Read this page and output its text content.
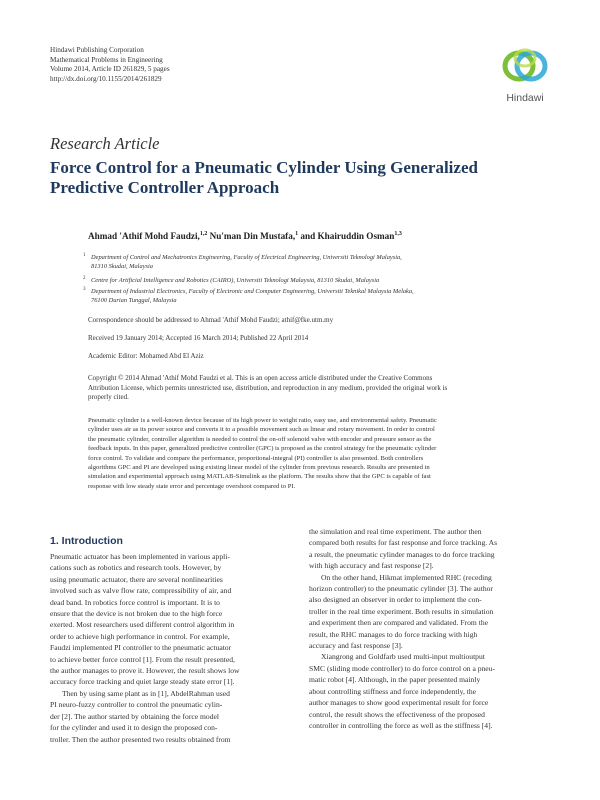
Hindawi Publishing Corporation
Mathematical Problems in Engineering
Volume 2014, Article ID 261829, 5 pages
http://dx.doi.org/10.1155/2014/261829
Hindawi
Research Article
Force Control for a Pneumatic Cylinder Using Generalized
Predictive Controller Approach
Ahmad 'Athif Mohd Faudzi,$^{1,2}$ Nu'man Din Mustafa,$^1$ and Khairuddin Osman$^{1,3}$
1 Department of Control and Mechatronics Engineering, Faculty of Electrical Engineering, Universiti Teknologi Malaysia,
81310 Skudai, Malaysia
2 Centre for Artificial Intelligence and Robotics (CAIRO), Universiti Teknologi Malaysia, 81310 Skudai, Malaysia
3 Department of Industrial Electronics, Faculty of Electronic and Computer Engineering, Universiti Teknikal Malaysia Melaka,
76100 Durian Tunggal, Malaysia
Correspondence should be addressed to Ahmad 'Athif Mohd Faudzi; athif@fke.utm.my
Received 19 January 2014; Accepted 16 March 2014; Published 22 April 2014
Academic Editor: Mohamed Abd El Aziz
Copyright © 2014 Ahmad 'Athif Mohd Faudzi et al. This is an open access article distributed under the Creative Commons
Attribution License, which permits unrestricted use, distribution, and reproduction in any medium, provided the original work is
properly cited.
Pneumatic cylinder is a well-known device because of its high power to weight ratio, easy use, and environmental safety. Pneumatic
cylinder uses air as its power source and converts it to a possible movement such as linear and rotary movement. In order to control
the pneumatic cylinder, controller algorithm is needed to control the on-off solenoid valve with encoder and pressure sensor as the
feedback inputs. In this paper, generalized predictive controller (GPC) is proposed as the control strategy for the pneumatic cylinder
force control. To validate and compare the performance, proportional-integral (PI) controller is also presented. Both controllers
algorithms GPC and PI are developed using existing linear model of the cylinder from previous research. Results are presented in
simulation and experimental approach using MATLAB-Simulink as the platform. The results show that the GPC is capable of fast
response with low steady state error and percentage overshoot compared to PI.
1. Introduction
Pneumatic actuator has been implemented in various appli-
cations such as robotics and research tools. However, by
using pneumatic actuator, there are several nonlinearities
involved such as valve flow rate, compressibility of air, and
dead band. In robotics force control is important. It is to
ensure that the device is not broken due to the high force
exerted. Most researchers used different control algorithm in
order to achieve high performance in control. For example,
Faudzi implemented PI controller to the pneumatic actuator
to achieve better force control [1]. From the result presented,
the author manages to prove it. However, the result shows low
accuracy force tracking and quiet large steady state error [1].
Then by using same plant as in [1], AbdelRahman used
PI neuro-fuzzy controller to control the pneumatic cylin-
der [2]. The author started by obtaining the force model
for the cylinder and used it to design the proposed con-
troller. Then the author presented two results obtained from
the simulation and real time experiment. The author then
compared both results for fast response and force tracking. As
a result, the pneumatic cylinder manages to do force tracking
with high accuracy and fast response [2].
On the other hand, Hikmat implemented RHC (receding
horizon controller) to the pneumatic cylinder [3]. The author
also designed an observer in order to implement the con-
troller in the real time experiment. Both results in simulation
and experiment then are compared and validated. From the
result, the RHC manages to do force tracking with high
accuracy and fast response [3].
Xiangrong and Goldfarb used multi-input multioutput
SMC (sliding mode controller) to do force control on a pneu-
matic robot [4]. Although, in the paper presented mainly
about controlling stiffness and force independently, the
author manages to show good experimental result for force
control, the result shows the effectiveness of the proposed
controller in controlling the force as well as the stiffness [4].
